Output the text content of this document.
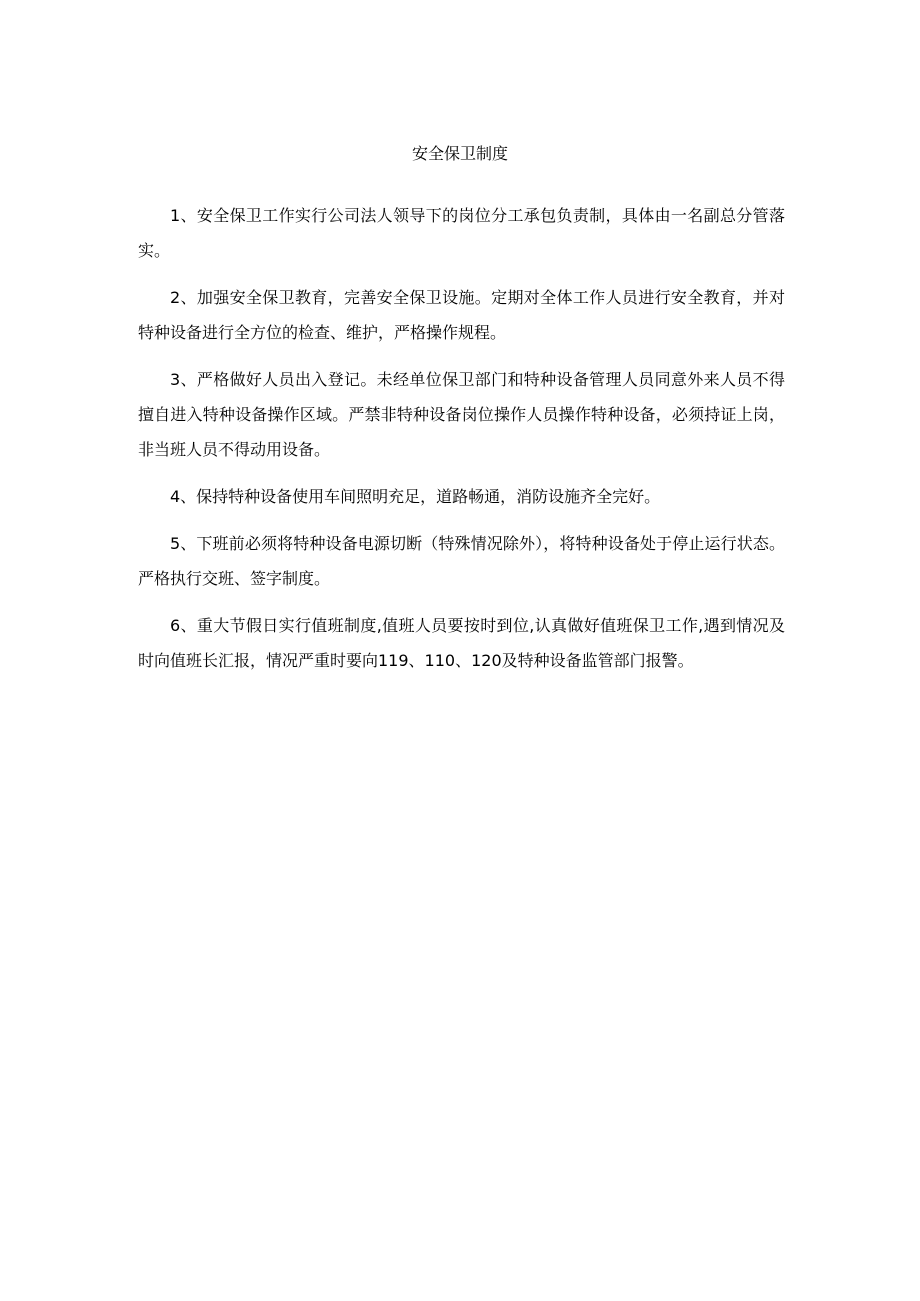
安全保卫制度

1、安全保卫工作实行公司法人领导下的岗位分工承包负责制，具体由一名副总分管落实。

2、加强安全保卫教育，完善安全保卫设施。定期对全体工作人员进行安全教育，并对特种设备进行全方位的检查、维护，严格操作规程。

3、严格做好人员出入登记。未经单位保卫部门和特种设备管理人员同意外来人员不得擅自进入特种设备操作区域。严禁非特种设备岗位操作人员操作特种设备，必须持证上岗，非当班人员不得动用设备。

4、保持特种设备使用车间照明充足，道路畅通，消防设施齐全完好。

5、下班前必须将特种设备电源切断（特殊情况除外），将特种设备处于停止运行状态。严格执行交班、签字制度。

6、重大节假日实行值班制度,值班人员要按时到位,认真做好值班保卫工作,遇到情况及时向值班长汇报，情况严重时要向119、110、120及特种设备监管部门报警。
